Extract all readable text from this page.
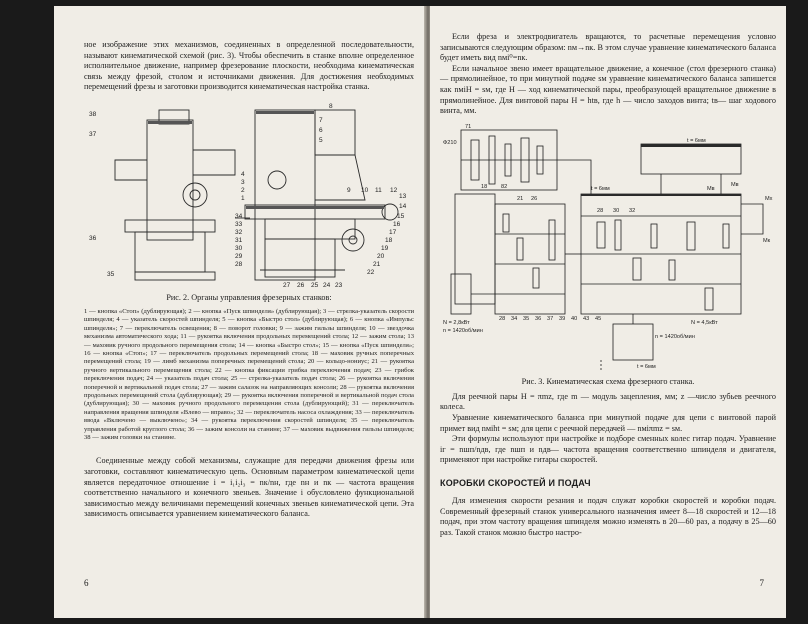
ное изображение этих механизмов, соединенных в определенной последовательности, называют кинематической схемой (рис. 3). Чтобы обеспечить в станке вполне определенное исполнительное движение, например фрезерование плоскости, необходима кинематическая связь между фрезой, столом и источниками движения. Для достижения необходимых перемещений фрезы и заготовки производится кинематическая настройка станка.

38
37
36
35
34
33
32
31
30
29
28
27 26 25 24 23
22
21
20
19
18
17
16
15
14
13
12
11
10
9
8
7
6
5
4
3
2
1

Рис. 2. Органы управления фрезерных станков:

1 — кнопка «Стоп» (дублирующая); 2 — кнопка «Пуск шпинделя» (дублирующая); 3 — стрелка-указатель скорости шпинделя; 4 — указатель скоростей шпинделя; 5 — кнопка «Быстро стол» (дублирующая); 6 — кнопка «Импульс шпинделя»; 7 — переключатель освещения; 8 — поворот головки; 9 — зажим гильзы шпинделя; 10 — звездочка механизма автоматического хода; 11 — рукоятка включения продольных перемещений стола; 12 — зажим стола; 13 — маховик ручного продольного перемещения стола; 14 — кнопка «Быстро стол»; 15 — кнопка «Пуск шпинделя»; 16 — кнопка «Стоп»; 17 — переключатель продольных перемещений стола; 18 — маховик ручных поперечных перемещений стола; 19 — лимб механизма поперечных перемещений стола; 20 — кольцо-нониус; 21 — рукоятка ручного вертикального перемещения стола; 22 — кнопка фиксации грибка переключения подач; 23 — грибок переключения подач; 24 — указатель подач стола; 25 — стрелка-указатель подач стола; 26 — рукоятка включения поперечной и вертикальной подач стола; 27 — зажим салазок на направляющих консоли; 28 — рукоятка включения продольных перемещений стола (дублирующая); 29 — рукоятка включения поперечной и вертикальной подач стола (дублирующая); 30 — маховик ручного продольного перемещения стола (дублирующий); 31 — переключатель направления вращения шпинделя «Влево — вправо»; 32 — переключатель насоса охлаждения; 33 — переключатель ввода «Включено — выключено»; 34 — рукоятка переключения скоростей шпинделя; 35 — переключатель управления работой круглого стола; 36 — зажим консоли на станине; 37 — маховик выдвижения гильзы шпинделя; 38 — зажим головки на станине.

Соединенные между собой механизмы, служащие для передачи движения фрезы или заготовки, составляют кинематическую цепь. Основным параметром кинематической цепи является передаточное отношение i = i₁i₂i₃ = nк/nн, где nн и nк — частота вращения соответственно начального и конечного звеньев. Значение i обусловлено функциональной зависимостью между величинами перемещений конечных звеньев кинематической цепи. Эта зависимость описывается уравнением кинематического баланса.

6

Если фреза и электродвигатель вращаются, то расчетные перемещения условно записываются следующим образом: nм→nк. В этом случае уравнение кинематического баланса будет иметь вид nмi⁰=nк.

Если начальное звено имеет вращательное движение, а конечное (стол фрезерного станка) — прямолинейное, то при минутной подаче sм уравнение кинематического баланса запишется как nмiH = sм, где H — ход кинематической пары, преобразующей вращательное движение в прямолинейное. Для винтовой пары H = htв, где h — число заходов винта; tв— шаг ходового винта, мм.

Ф210
71
18 82
21 26
28 34 35 36 37 39 40 43 45
28 30 32
t = 6мм
Мв
Мк
t = 6мм	Мв
Мх
N = 2,8кВт
n = 1420об/мин
N = 4,5кВт
n = 1420об/мин
t = 6мм

Рис. 3. Кинематическая схема фрезерного станка.

Для реечной пары H = πmz, где m — модуль зацепления, мм; z —число зубьев реечного колеса.

Уравнение кинематического баланса при минутной подаче для цепи с винтовой парой примет вид nмiht = sм; для цепи с реечной передачей — nмiπmz = sм.

Эти формулы используют при настройке и подборе сменных колес гитар подач. Уравнение iг = nшп/nдв, где nшп и nдв— частота вращения соответственно шпинделя и двигателя, применяют при настройке гитары скоростей.

КОРОБКИ СКОРОСТЕЙ И ПОДАЧ

Для изменения скорости резания и подач служат коробки скоростей и коробки подач. Современный фрезерный станок универсального назначения имеет 8—18 скоростей и 12—18 подач, при этом частоту вращения шпинделя можно изменять в 20—60 раз, а подачу в 25—60 раз. Такой станок можно быстро настро-

7
